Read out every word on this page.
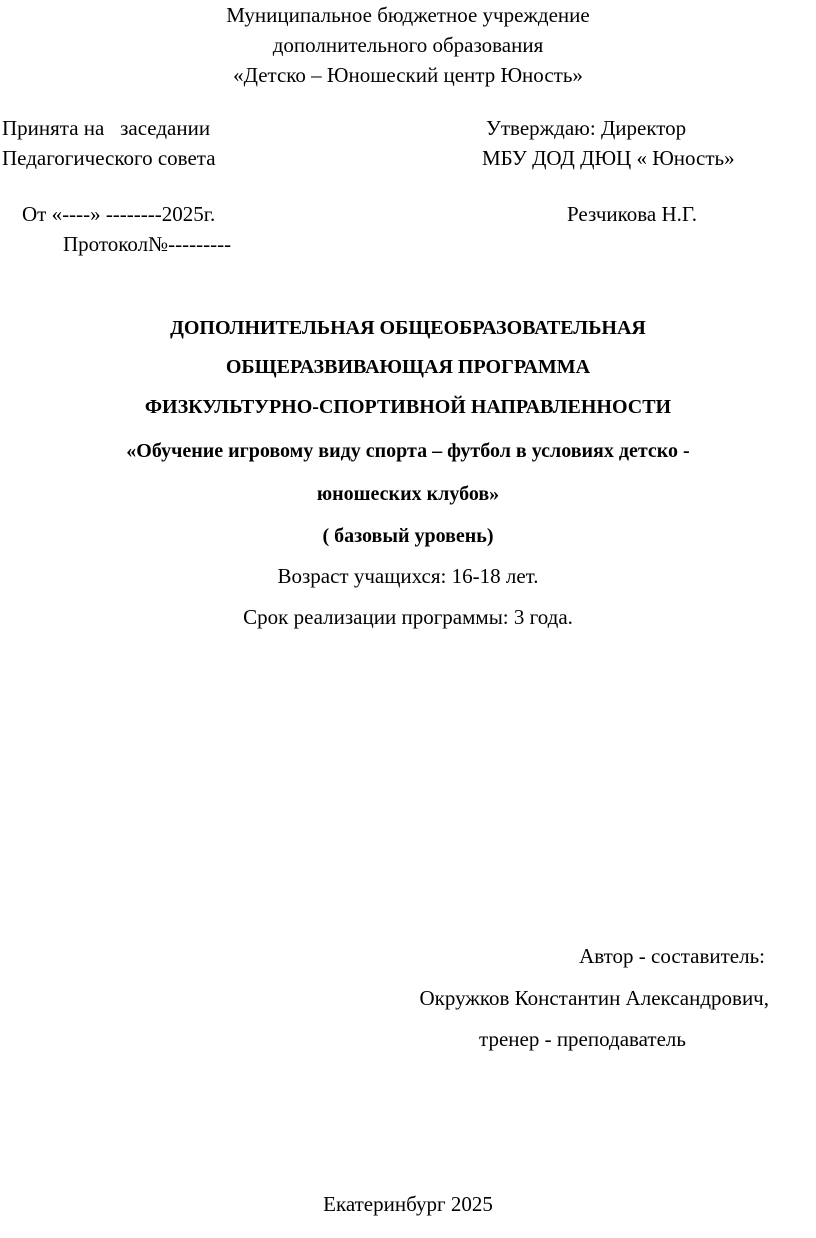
Муниципальное бюджетное учреждение
дополнительного образования
«Детско – Юношеский центр Юность»
Принята на   заседании
Педагогического совета
От «----» --------2025г.
Протокол№---------
Утверждаю: Директор
МБУ ДОД ДЮЦ « Юность»
Резчикова Н.Г.
ДОПОЛНИТЕЛЬНАЯ ОБЩЕОБРАЗОВАТЕЛЬНАЯ
ОБЩЕРАЗВИВАЮЩАЯ ПРОГРАММА
ФИЗКУЛЬТУРНО-СПОРТИВНОЙ НАПРАВЛЕННОСТИ
«Обучение игровому виду спорта – футбол в условиях детско -
юношеских клубов»
( базовый уровень)
Возраст учащихся: 16-18 лет.
Срок реализации программы: 3 года.
Автор - составитель:
Окружков Константин Александрович,
тренер - преподаватель
Екатеринбург 2025
